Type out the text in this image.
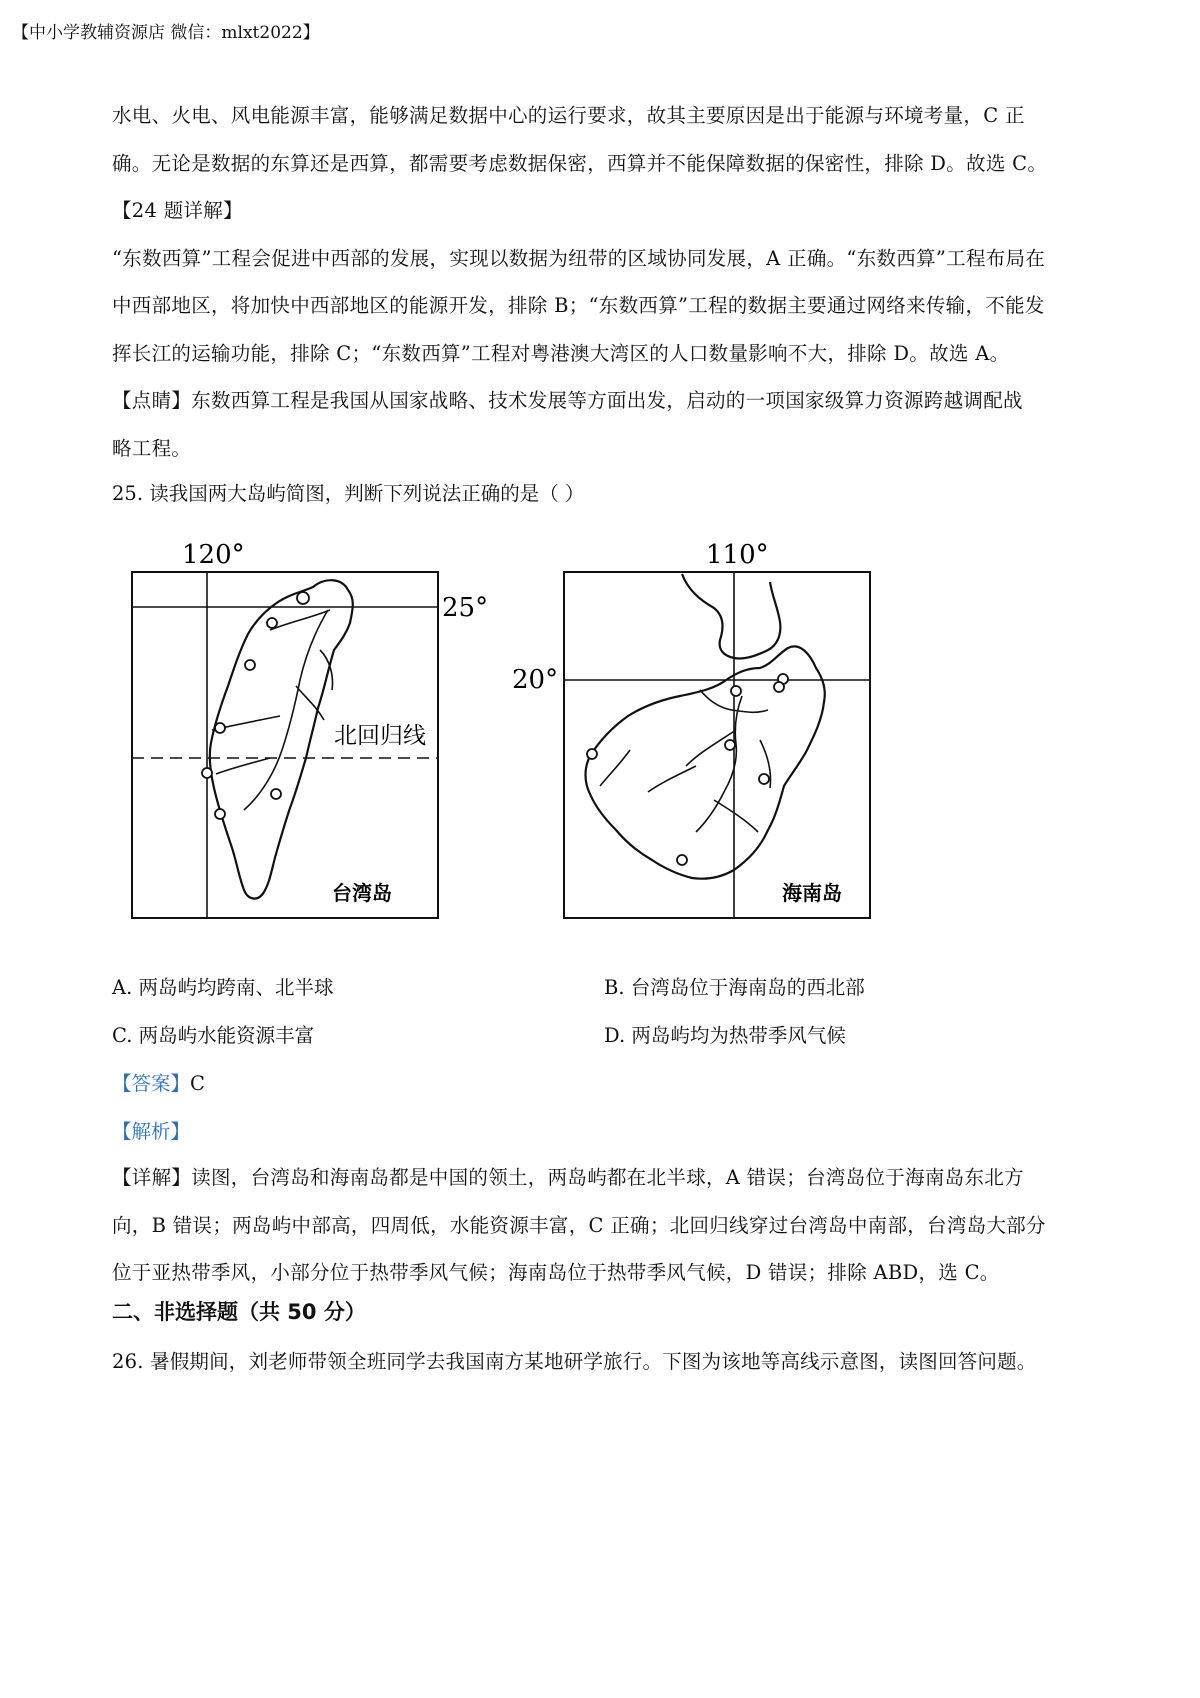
【中小学教辅资源店 微信：mlxt2022】

水电、火电、风电能源丰富，能够满足数据中心的运行要求，故其主要原因是出于能源与环境考量，C 正

确。无论是数据的东算还是西算，都需要考虑数据保密，西算并不能保障数据的保密性，排除 D。故选 C。

【24 题详解】

“东数西算”工程会促进中西部的发展，实现以数据为纽带的区域协同发展，A 正确。“东数西算”工程布局在

中西部地区，将加快中西部地区的能源开发，排除 B；“东数西算”工程的数据主要通过网络来传输，不能发

挥长江的运输功能，排除 C；“东数西算”工程对粤港澳大湾区的人口数量影响不大，排除 D。故选 A。

【点睛】东数西算工程是我国从国家战略、技术发展等方面出发，启动的一项国家级算力资源跨越调配战

略工程。

25. 读我国两大岛屿简图，判断下列说法正确的是（ ）
120°
25°
北回归线
台湾岛
110°
20°
海南岛
A. 两岛屿均跨南、北半球	B. 台湾岛位于海南岛的西北部
C. 两岛屿水能资源丰富	D. 两岛屿均为热带季风气候
【答案】C
【解析】

【详解】读图，台湾岛和海南岛都是中国的领土，两岛屿都在北半球，A 错误；台湾岛位于海南岛东北方

向，B 错误；两岛屿中部高，四周低，水能资源丰富，C 正确；北回归线穿过台湾岛中南部，台湾岛大部分

位于亚热带季风，小部分位于热带季风气候；海南岛位于热带季风气候，D 错误；排除 ABD，选 C。

二、非选择题（共 50 分）
26. 暑假期间，刘老师带领全班同学去我国南方某地研学旅行。下图为该地等高线示意图，读图回答问题。
